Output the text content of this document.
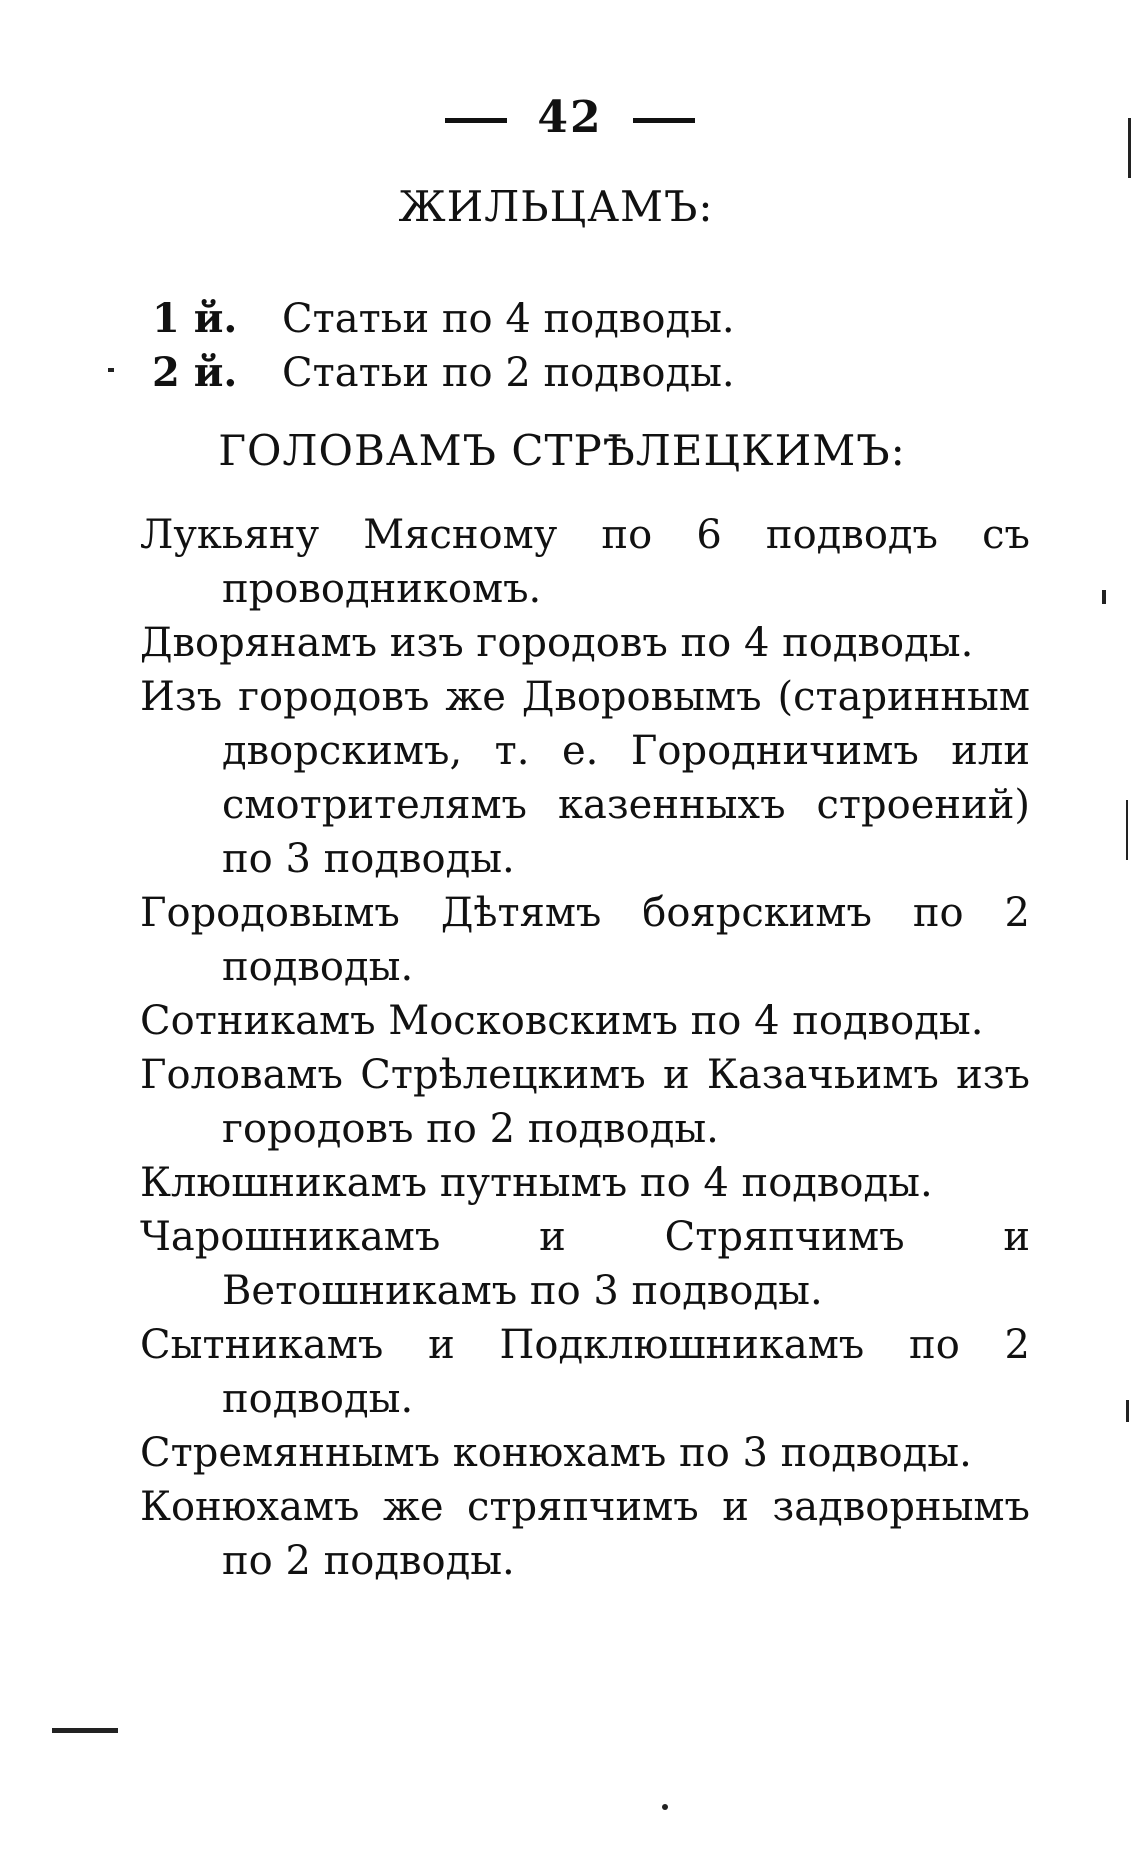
42
ЖИЛЬЦАМЪ:
1 й. Статьи по 4 подводы.
2 й. Статьи по 2 подводы.
ГОЛОВАМЪ СТРѢЛЕЦКИМЪ:

Лукьяну Мясному по 6 подводъ съ проводникомъ.

Дворянамъ изъ городовъ по 4 подводы.

Изъ городовъ же Дворовымъ (старинным дворскимъ, т. е. Городничимъ или смотрителямъ казенныхъ строений) по 3 подводы.

Городовымъ Дѣтямъ боярскимъ по 2 подводы.

Сотникамъ Московскимъ по 4 подводы.

Головамъ Стрѣлецкимъ и Казачьимъ изъ городовъ по 2 подводы.

Клюшникамъ путнымъ по 4 подводы.

Чарошникамъ и Стряпчимъ и Ветошникамъ по 3 подводы.

Сытникамъ и Подклюшникамъ по 2 подводы.

Стремяннымъ конюхамъ по 3 подводы.

Конюхамъ же стряпчимъ и задворнымъ по 2 подводы.
